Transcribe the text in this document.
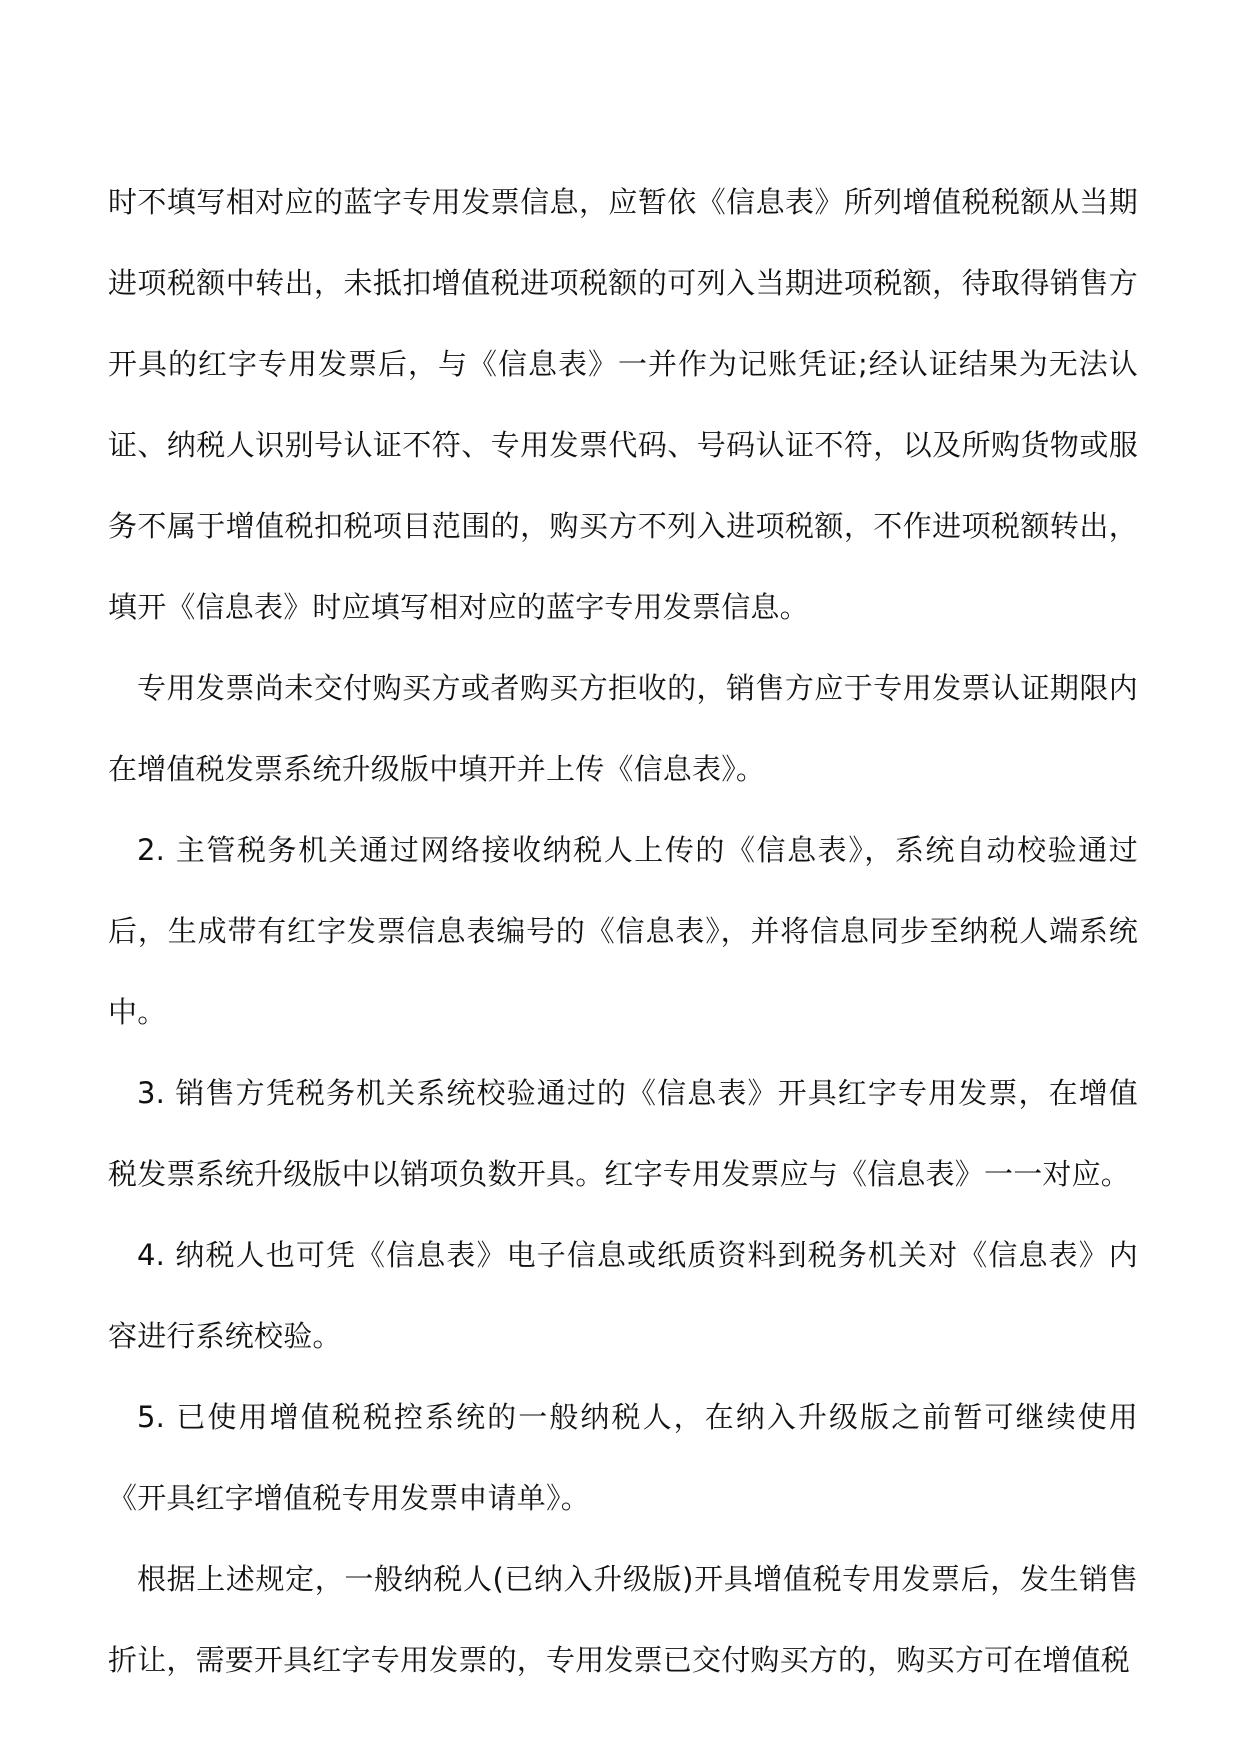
时不填写相对应的蓝字专用发票信息，应暂依《信息表》所列增值税税额从当期进项税额中转出，未抵扣增值税进项税额的可列入当期进项税额，待取得销售方开具的红字专用发票后，与《信息表》一并作为记账凭证;经认证结果为无法认证、纳税人识别号认证不符、专用发票代码、号码认证不符，以及所购货物或服务不属于增值税扣税项目范围的，购买方不列入进项税额，不作进项税额转出，填开《信息表》时应填写相对应的蓝字专用发票信息。

专用发票尚未交付购买方或者购买方拒收的，销售方应于专用发票认证期限内在增值税发票系统升级版中填开并上传《信息表》。

2. 主管税务机关通过网络接收纳税人上传的《信息表》，系统自动校验通过后，生成带有红字发票信息表编号的《信息表》，并将信息同步至纳税人端系统中。

3. 销售方凭税务机关系统校验通过的《信息表》开具红字专用发票，在增值税发票系统升级版中以销项负数开具。红字专用发票应与《信息表》一一对应。

4. 纳税人也可凭《信息表》电子信息或纸质资料到税务机关对《信息表》内容进行系统校验。

5. 已使用增值税税控系统的一般纳税人，在纳入升级版之前暂可继续使用《开具红字增值税专用发票申请单》。

根据上述规定，一般纳税人(已纳入升级版)开具增值税专用发票后，发生销售折让，需要开具红字专用发票的，专用发票已交付购买方的，购买方可在增值税
